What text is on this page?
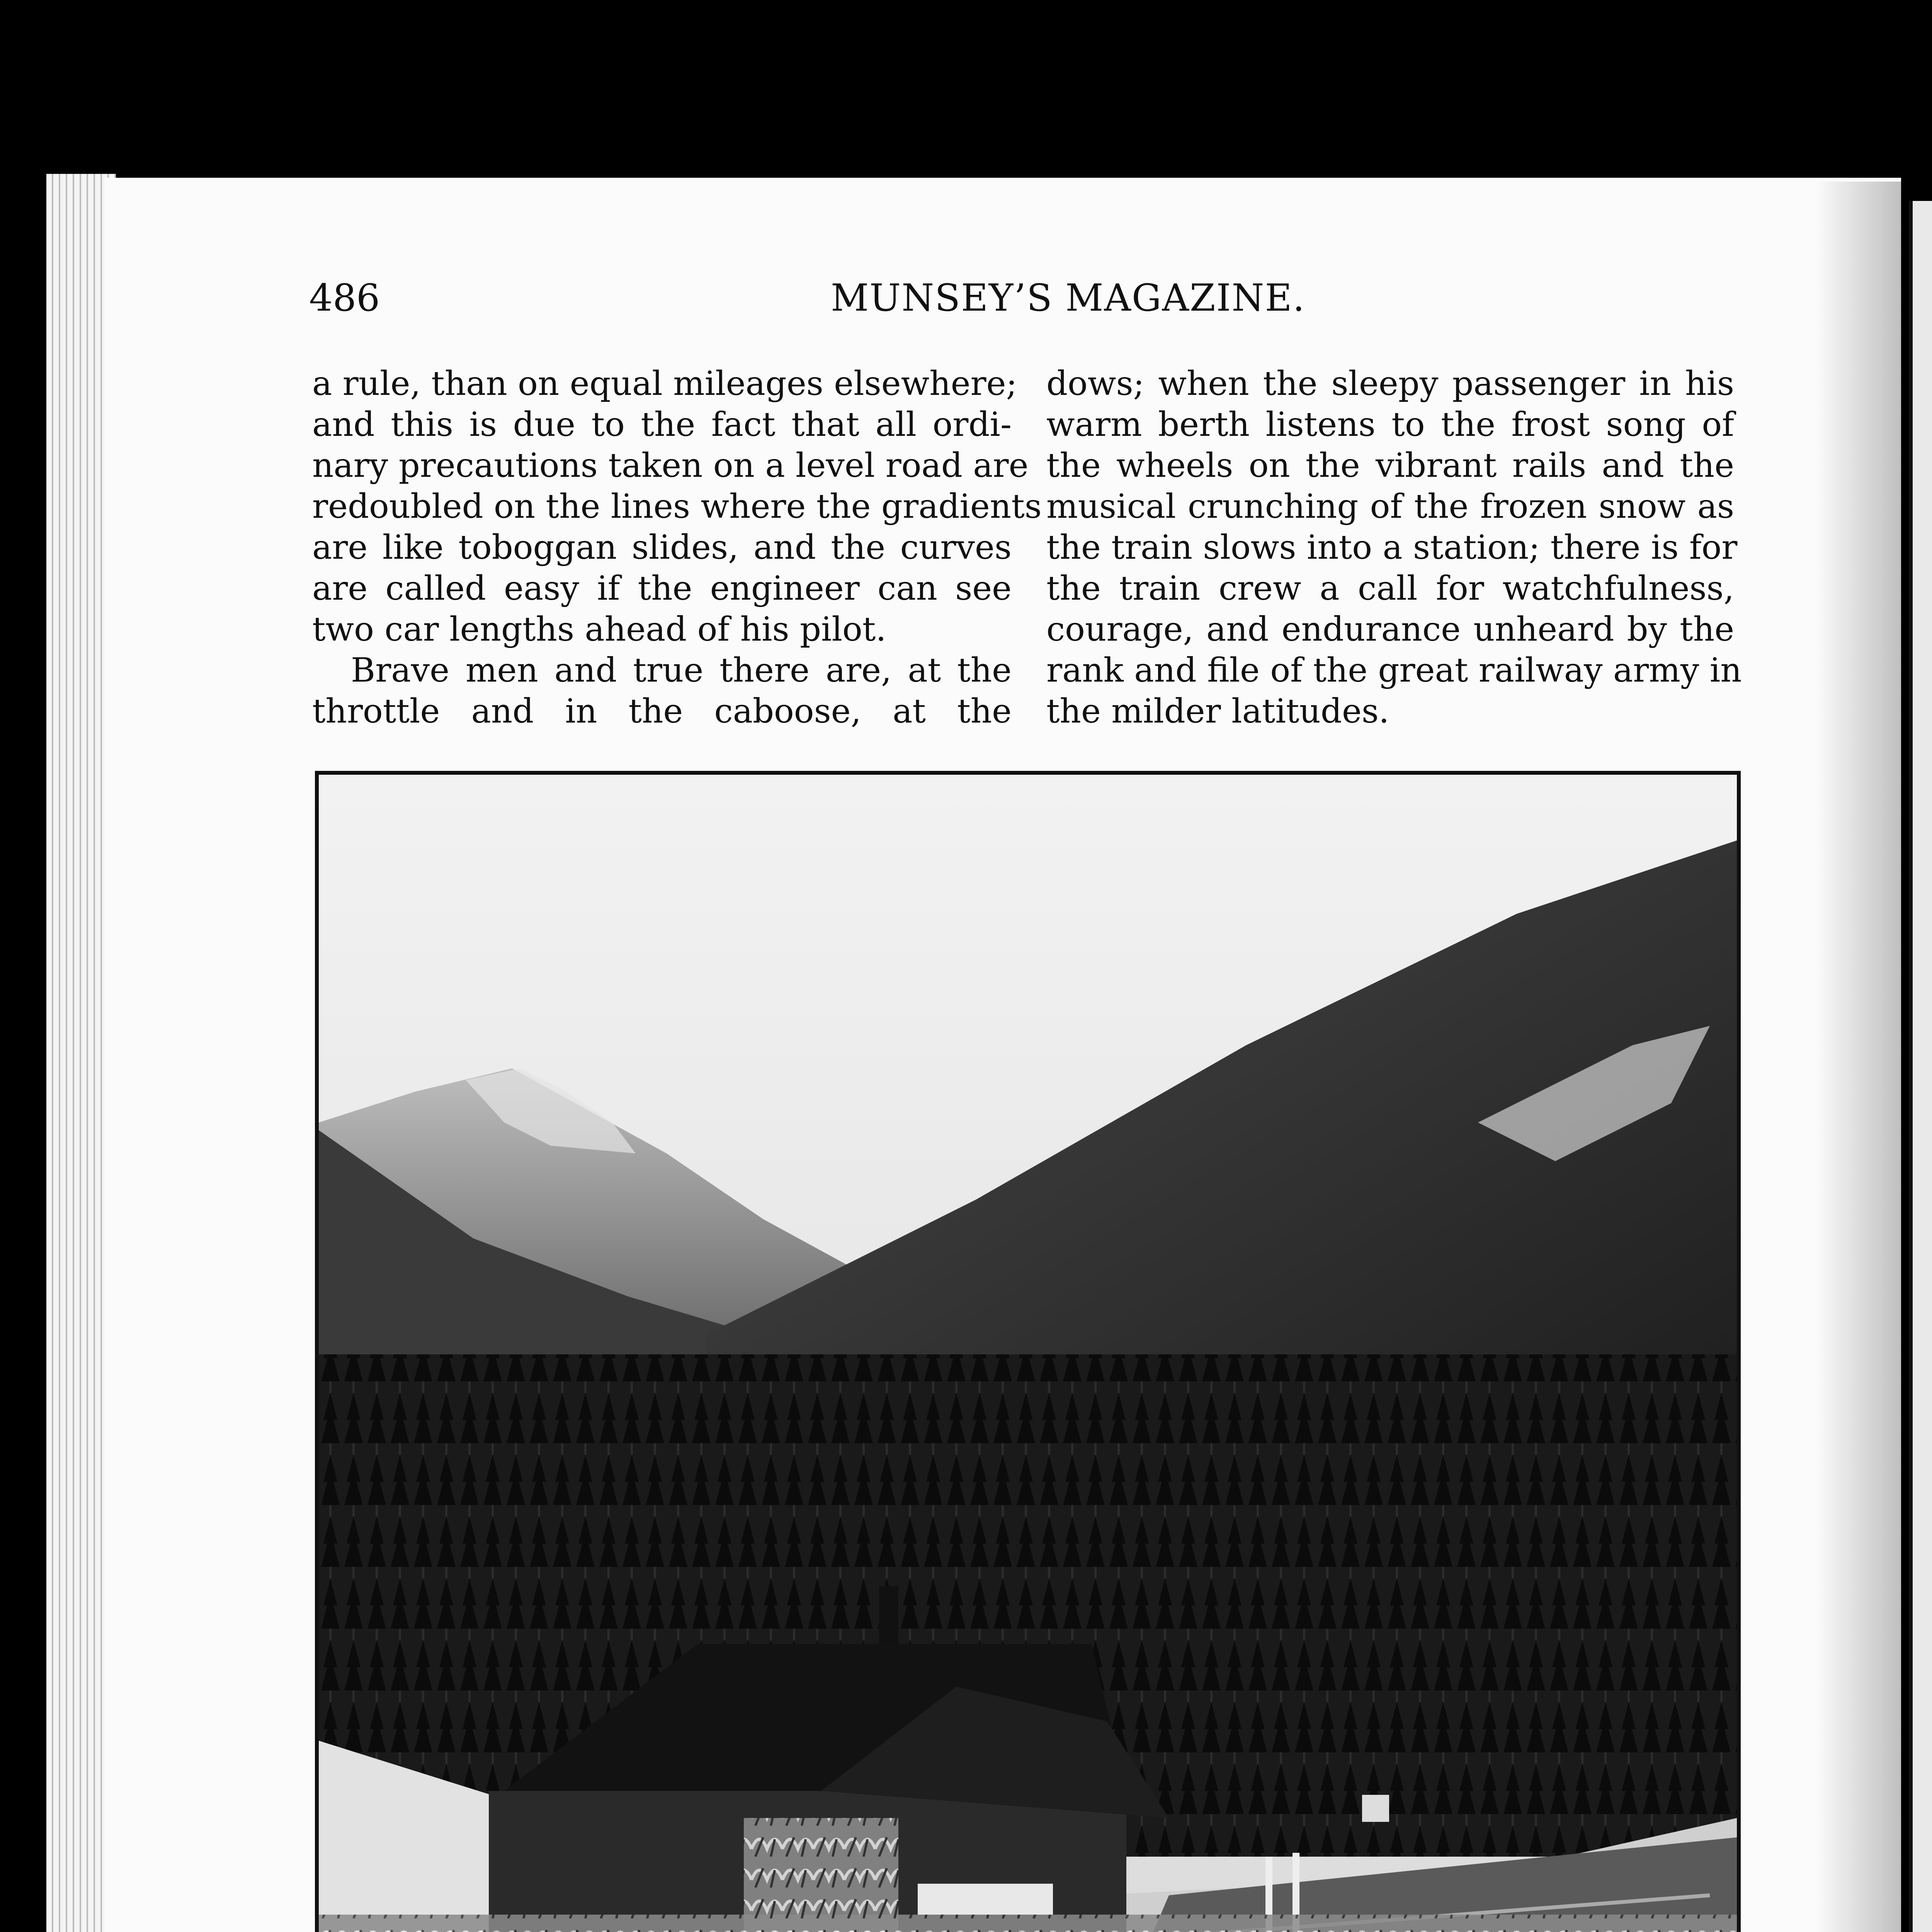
486	MUNSEY’S MAGAZINE.
a rule, than on equal mileages elsewhere;
and this is due to the fact that all ordi-
nary precautions taken on a level road are
redoubled on the lines where the gradients
are like toboggan slides, and the curves
are called easy if the engineer can see
two car lengths ahead of his pilot.
Brave men and true there are, at the
throttle and in the caboose, at the
dows; when the sleepy passenger in his
warm berth listens to the frost song of
the wheels on the vibrant rails and the
musical crunching of the frozen snow as
the train slows into a station; there is for
the train crew a call for watchfulness,
courage, and endurance unheard by the
rank and file of the great railway army in
the milder latitudes.
